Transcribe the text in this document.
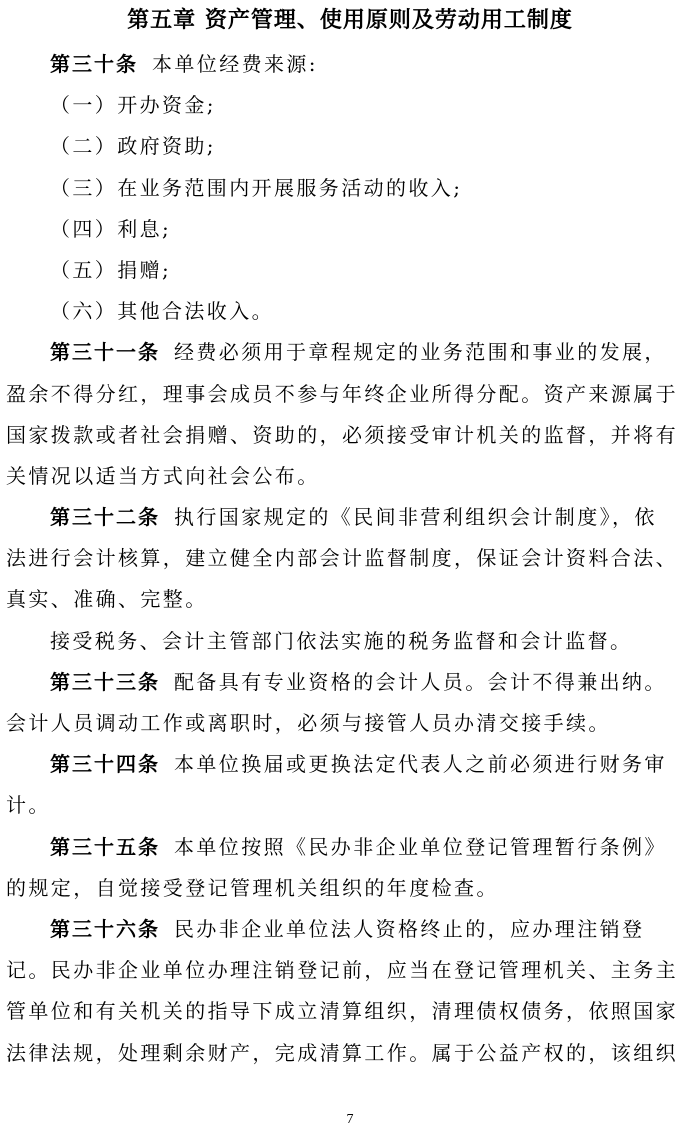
第五章 资产管理、使用原则及劳动用工制度
第三十条 本单位经费来源:
（一）开办资金;
（二）政府资助;
（三）在业务范围内开展服务活动的收入;
（四）利息;
（五）捐赠;
（六）其他合法收入。
第三十一条 经费必须用于章程规定的业务范围和事业的发展，
盈余不得分红，理事会成员不参与年终企业所得分配。资产来源属于
国家拨款或者社会捐赠、资助的，必须接受审计机关的监督，并将有
关情况以适当方式向社会公布。
第三十二条 执行国家规定的《民间非营利组织会计制度》，依
法进行会计核算，建立健全内部会计监督制度，保证会计资料合法、
真实、准确、完整。
接受税务、会计主管部门依法实施的税务监督和会计监督。
第三十三条 配备具有专业资格的会计人员。会计不得兼出纳。
会计人员调动工作或离职时，必须与接管人员办清交接手续。
第三十四条 本单位换届或更换法定代表人之前必须进行财务审
计。
第三十五条 本单位按照《民办非企业单位登记管理暂行条例》
的规定，自觉接受登记管理机关组织的年度检查。
第三十六条 民办非企业单位法人资格终止的，应办理注销登
记。民办非企业单位办理注销登记前，应当在登记管理机关、主务主
管单位和有关机关的指导下成立清算组织，清理债权债务，依照国家
法律法规，处理剩余财产，完成清算工作。属于公益产权的，该组织
7
